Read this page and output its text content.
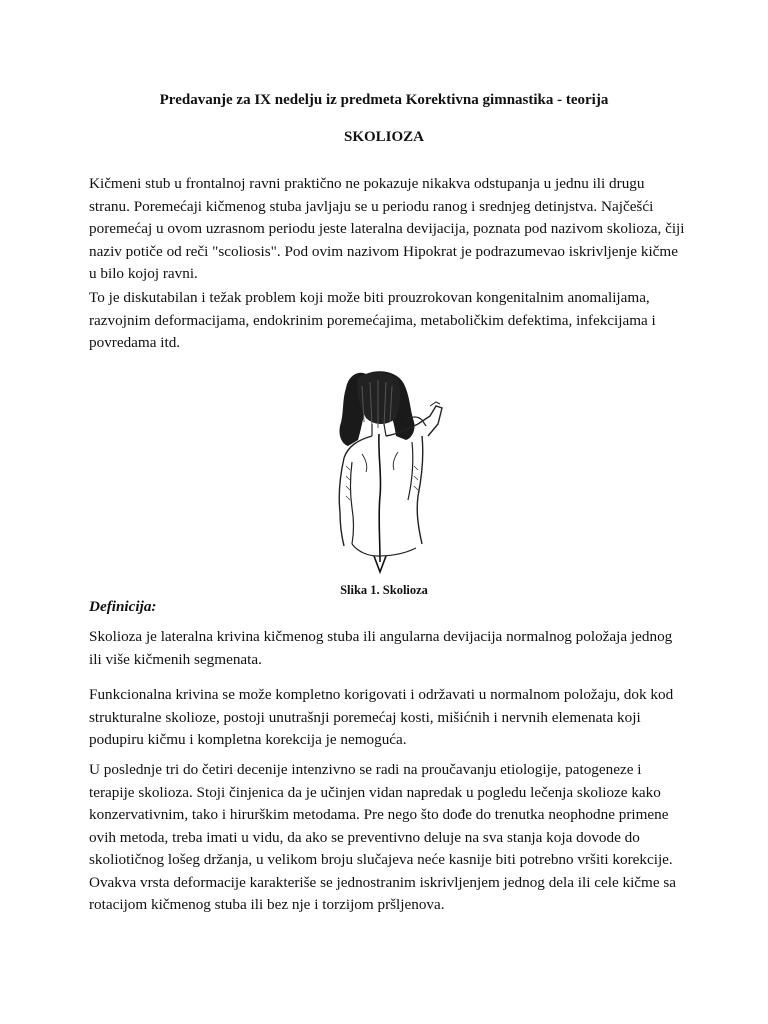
Predavanje za IX nedelju iz predmeta Korektivna gimnastika - teorija
SKOLIOZA

Kičmeni stub u frontalnoj ravni praktično ne pokazuje nikakva odstupanja u jednu ili drugu stranu. Poremećaji kičmenog stuba javljaju se u periodu ranog i srednjeg detinjstva. Najčešći poremećaj u ovom uzrasnom periodu jeste lateralna devijacija, poznata pod nazivom skolioza, čiji naziv potiče od reči "scoliosis". Pod ovim nazivom Hipokrat je podrazumevao iskrivljenje kičme u bilo kojoj ravni.

To je diskutabilan i težak problem koji može biti prouzrokovan kongenitalnim anomalijama, razvojnim deformacijama, endokrinim poremećajima, metaboličkim defektima, infekcijama i povredama itd.

Slika 1. Skolioza
Definicija:

Skolioza je lateralna krivina kičmenog stuba ili angularna devijacija normalnog položaja jednog ili više kičmenih segmenata.

Funkcionalna krivina se može kompletno korigovati i održavati u normalnom položaju, dok kod strukturalne skolioze, postoji unutrašnji poremećaj kosti, mišićnih i nervnih elemenata koji podupiru kičmu i kompletna korekcija je nemoguća.

U poslednje tri do četiri decenije intenzivno se radi na proučavanju etiologije, patogeneze i terapije skolioza. Stoji činjenica da je učinjen vidan napredak u pogledu lečenja skolioze kako konzervativnim, tako i hirurškim metodama. Pre nego što dođe do trenutka neophodne primene ovih metoda, treba imati u vidu, da ako se preventivno deluje na sva stanja koja dovode do skoliotičnog lošeg držanja, u velikom broju slučajeva neće kasnije biti potrebno vršiti korekcije. Ovakva vrsta deformacije karakteriše se jednostranim iskrivljenjem jednog dela ili cele kičme sa rotacijom kičmenog stuba ili bez nje i torzijom pršljenova.
